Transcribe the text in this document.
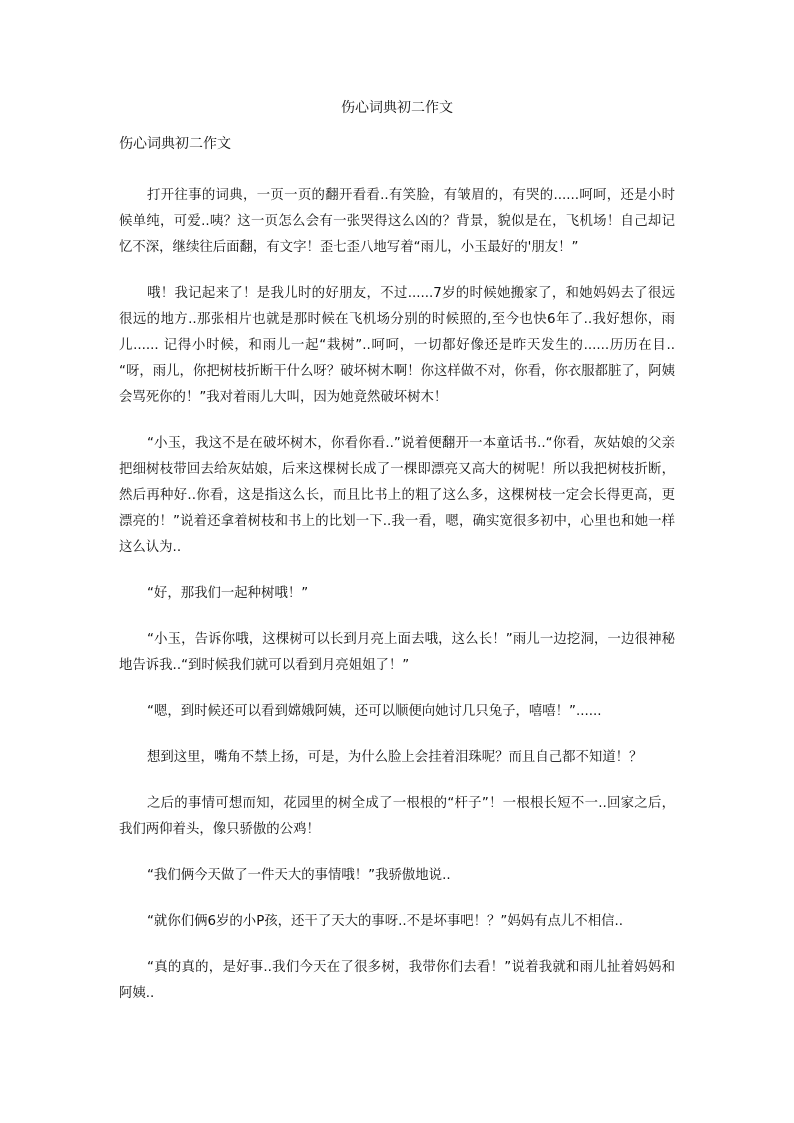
伤心词典初二作文

伤心词典初二作文

打开往事的词典，一页一页的翻开看看..有笑脸，有皱眉的，有哭的......呵呵，还是小时候单纯，可爱..咦？这一页怎么会有一张哭得这么凶的？背景，貌似是在，飞机场！自己却记忆不深，继续往后面翻，有文字！歪七歪八地写着“雨儿，小玉最好的'朋友！”

哦！我记起来了！是我儿时的好朋友，不过......7岁的时候她搬家了，和她妈妈去了很远很远的地方..那张相片也就是那时候在飞机场分别的时候照的,至今也快6年了..我好想你，雨儿...... 记得小时候，和雨儿一起“栽树”..呵呵，一切都好像还是昨天发生的......历历在目.. “呀，雨儿，你把树枝折断干什么呀？破坏树木啊！你这样做不对，你看，你衣服都脏了，阿姨会骂死你的！”我对着雨儿大叫，因为她竟然破坏树木！

“小玉，我这不是在破坏树木，你看你看..”说着便翻开一本童话书..“你看，灰姑娘的父亲把细树枝带回去给灰姑娘，后来这棵树长成了一棵即漂亮又高大的树呢！所以我把树枝折断，然后再种好..你看，这是指这么长，而且比书上的粗了这么多，这棵树枝一定会长得更高，更漂亮的！”说着还拿着树枝和书上的比划一下..我一看，嗯，确实宽很多初中，心里也和她一样这么认为..

“好，那我们一起种树哦！”

“小玉，告诉你哦，这棵树可以长到月亮上面去哦，这么长！”雨儿一边挖洞，一边很神秘地告诉我..“到时候我们就可以看到月亮姐姐了！”

“嗯，到时候还可以看到嫦娥阿姨，还可以顺便向她讨几只兔子，嘻嘻！”......

想到这里，嘴角不禁上扬，可是，为什么脸上会挂着泪珠呢？而且自己都不知道！？

之后的事情可想而知，花园里的树全成了一根根的“杆子”！一根根长短不一..回家之后，我们两仰着头，像只骄傲的公鸡！

“我们俩今天做了一件天大的事情哦！”我骄傲地说..

“就你们俩6岁的小P孩，还干了天大的事呀..不是坏事吧！？”妈妈有点儿不相信..

“真的真的，是好事..我们今天在了很多树，我带你们去看！”说着我就和雨儿扯着妈妈和阿姨..
